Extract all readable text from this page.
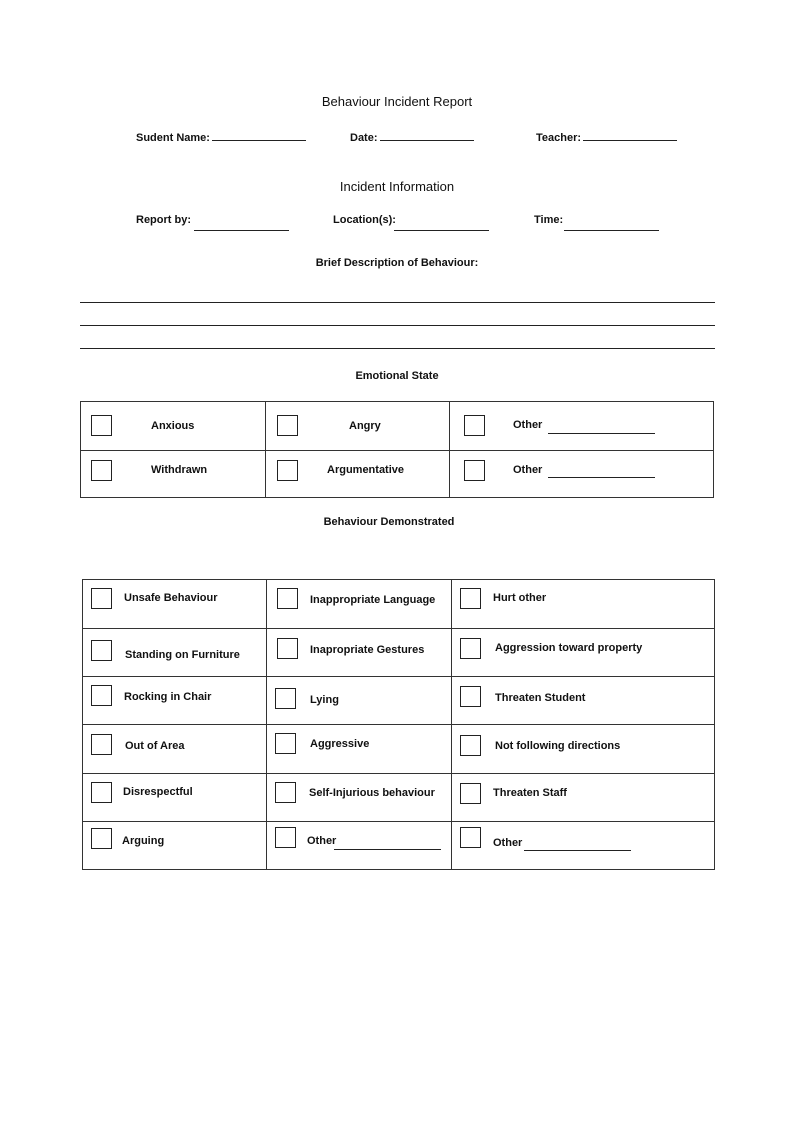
Behaviour Incident Report
Sudent Name:	Date:	Teacher:
Incident Information
Report by:	Location(s):	Time:
Brief Description of Behaviour:
Emotional State
Anxious	Angry	Other
Withdrawn	Argumentative	Other
Behaviour Demonstrated
Unsafe Behaviour	Inappropriate Language	Hurt other
Standing on Furniture	Inapropriate Gestures	Aggression toward property
Rocking in Chair	Lying	Threaten Student
Out of Area	Aggressive	Not following directions
Disrespectful	Self-Injurious behaviour	Threaten Staff
Arguing	Other	Other
